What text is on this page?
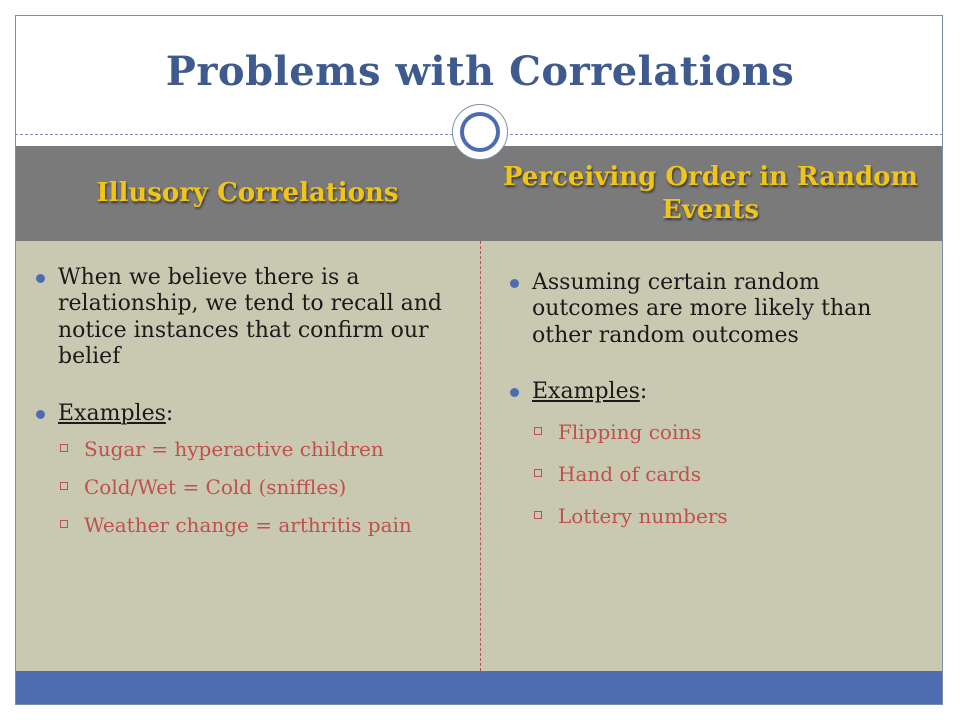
Problems with Correlations
Illusory Correlations
Perceiving Order in Random Events
When we believe there is a relationship, we tend to recall and notice instances that confirm our belief
Examples:
Sugar = hyperactive children
Cold/Wet = Cold (sniffles)
Weather change = arthritis pain
Assuming certain random outcomes are more likely than other random outcomes
Examples:
Flipping coins
Hand of cards
Lottery numbers
